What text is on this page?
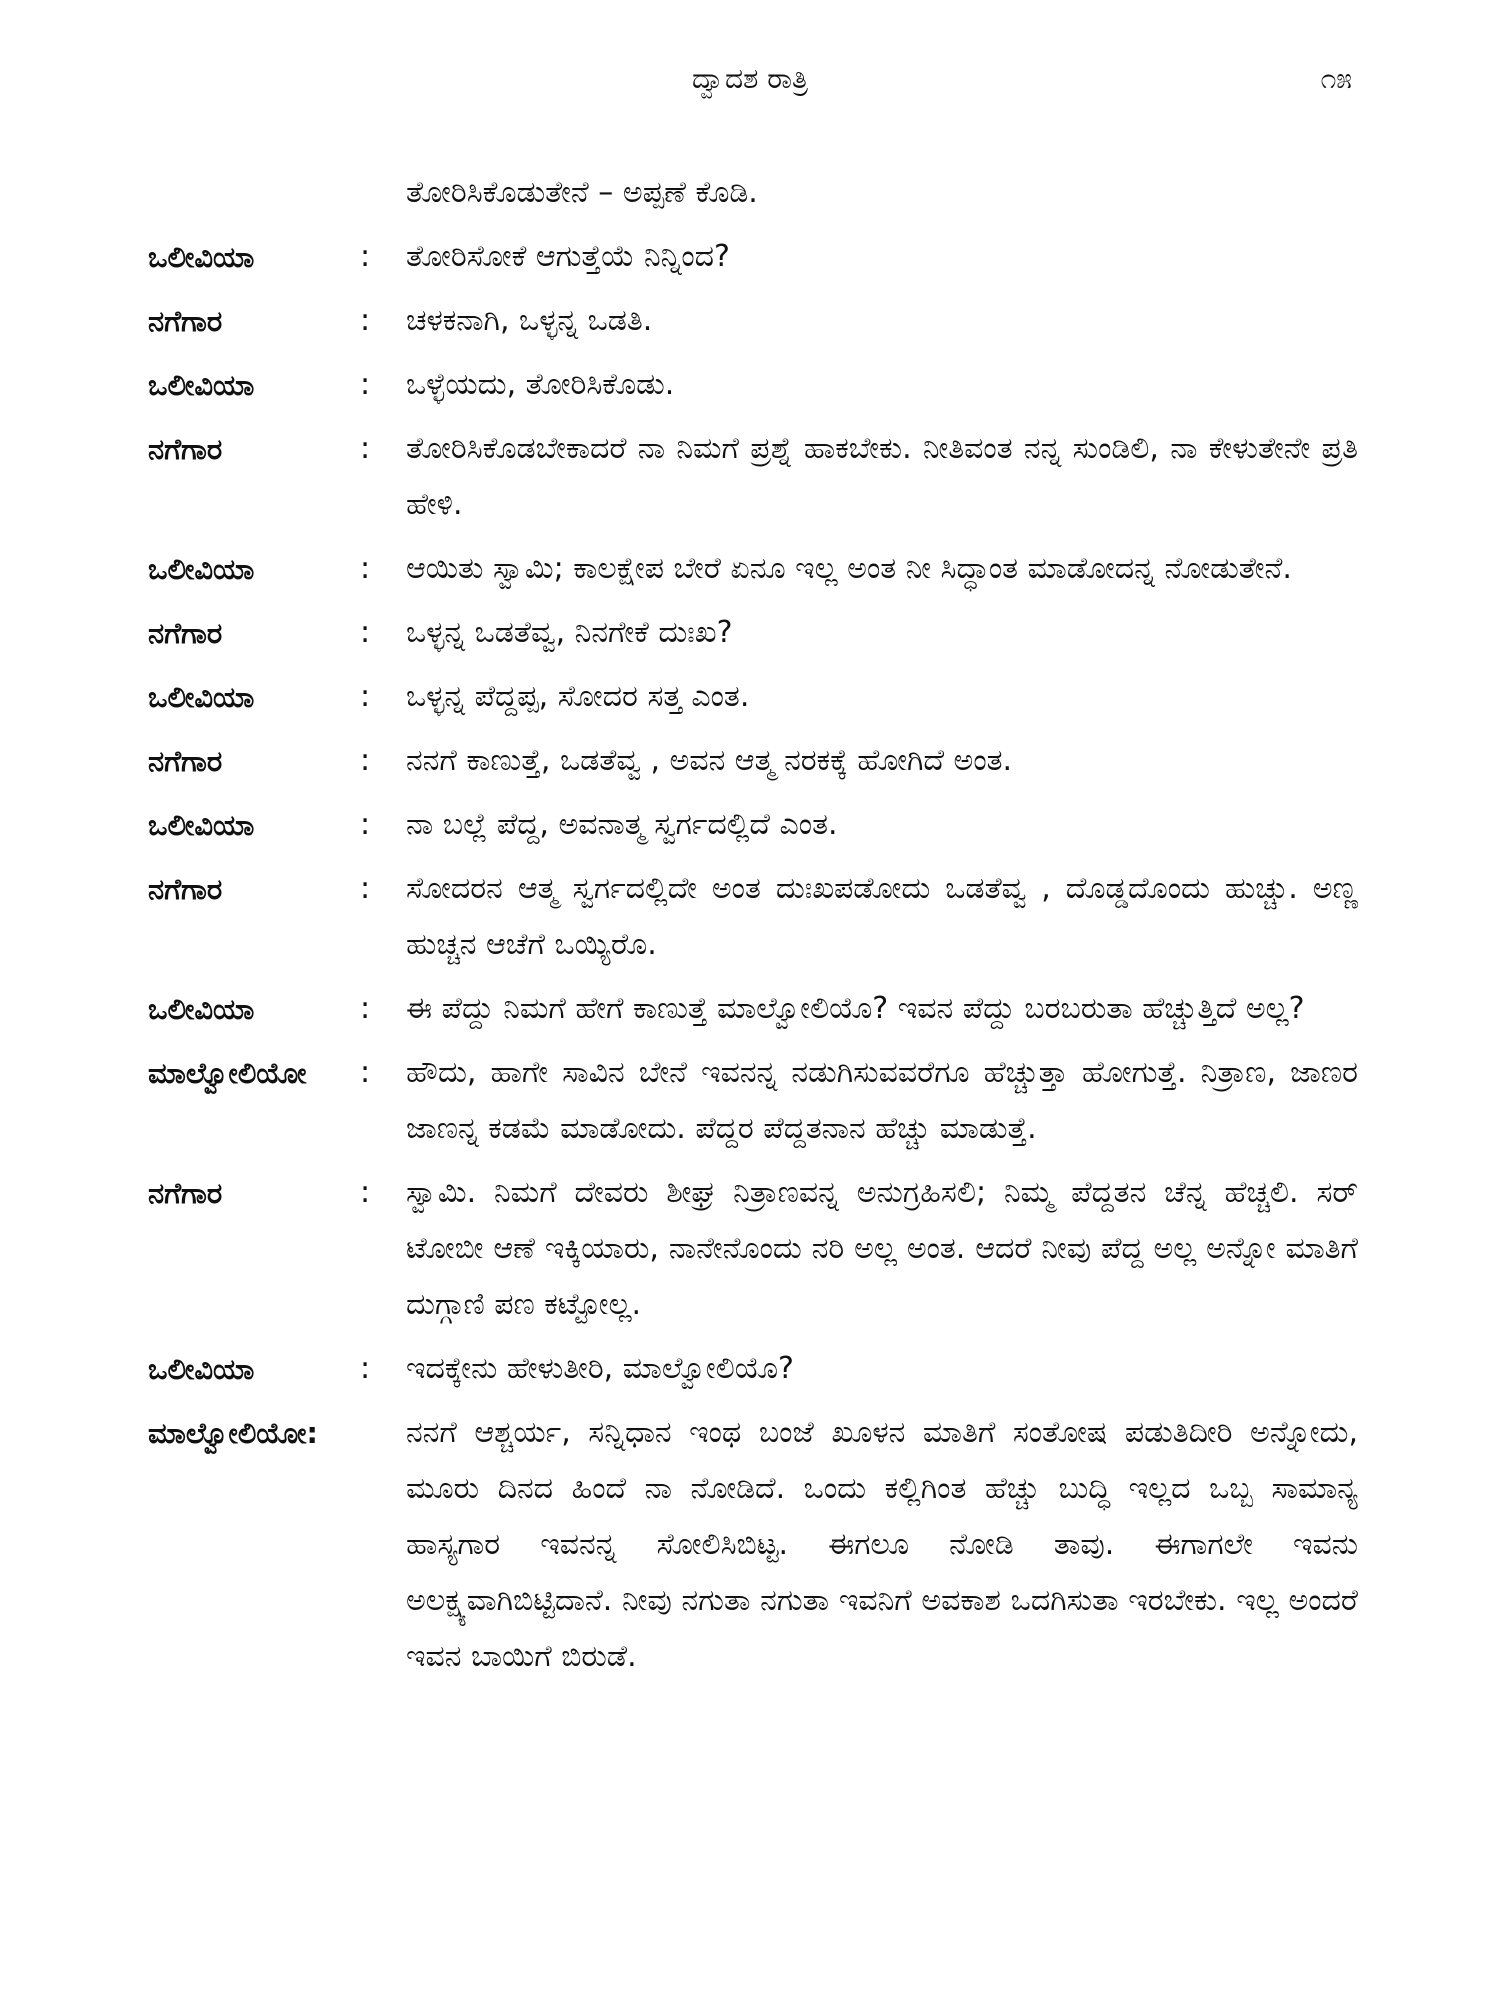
ದ್ವಾದಶ ರಾತ್ರಿ	೧೫
ತೋರಿಸಿಕೊಡುತೇನೆ – ಅಪ್ಪಣೆ ಕೊಡಿ.
ಒಲೀವಿಯಾ	:	ತೋರಿಸೋಕೆ ಆಗುತ್ತೆಯೆ ನಿನ್ನಿಂದ?
ನಗೆಗಾರ	:	ಚಳಕನಾಗಿ, ಒಳ್ಳನ್ನ ಒಡತಿ.
ಒಲೀವಿಯಾ	:	ಒಳ್ಳೆಯದು, ತೋರಿಸಿಕೊಡು.
ನಗೆಗಾರ	:	ತೋರಿಸಿಕೊಡಬೇಕಾದರೆ ನಾ ನಿಮಗೆ ಪ್ರಶ್ನೆ ಹಾಕಬೇಕು. ನೀತಿವಂತ ನನ್ನ ಸುಂಡಿಲಿ, ನಾ ಕೇಳುತೇನೇ ಪ್ರತಿ ಹೇಳಿ.
ಒಲೀವಿಯಾ	:	ಆಯಿತು ಸ್ವಾಮಿ; ಕಾಲಕ್ಷೇಪ ಬೇರೆ ಏನೂ ಇಲ್ಲ ಅಂತ ನೀ ಸಿದ್ಧಾಂತ ಮಾಡೋದನ್ನ ನೋಡುತೇನೆ.
ನಗೆಗಾರ	:	ಒಳ್ಳನ್ನ ಒಡತೆವ್ವ, ನಿನಗೇಕೆ ದುಃಖ?
ಒಲೀವಿಯಾ	:	ಒಳ್ಳನ್ನ ಪೆದ್ದಪ್ಪ, ಸೋದರ ಸತ್ತ ಎಂತ.
ನಗೆಗಾರ	:	ನನಗೆ ಕಾಣುತ್ತೆ, ಒಡತೆವ್ವ , ಅವನ ಆತ್ಮ ನರಕಕ್ಕೆ ಹೋಗಿದೆ ಅಂತ.
ಒಲೀವಿಯಾ	:	ನಾ ಬಲ್ಲೆ ಪೆದ್ದ, ಅವನಾತ್ಮ ಸ್ವರ್ಗದಲ್ಲಿದೆ ಎಂತ.
ನಗೆಗಾರ	:	ಸೋದರನ ಆತ್ಮ ಸ್ವರ್ಗದಲ್ಲಿದೇ ಅಂತ ದುಃಖಪಡೋದು ಒಡತೆವ್ವ , ದೊಡ್ಡದೊಂದು ಹುಚ್ಚು. ಅಣ್ಣ ಹುಚ್ಚನ ಆಚೆಗೆ ಒಯ್ಯಿರೊ.
ಒಲೀವಿಯಾ	:	ಈ ಪೆದ್ದು ನಿಮಗೆ ಹೇಗೆ ಕಾಣುತ್ತೆ ಮಾಲ್ವೋಲಿಯೊ? ಇವನ ಪೆದ್ದು ಬರಬರುತಾ ಹೆಚ್ಚುತ್ತಿದೆ ಅಲ್ಲ?
ಮಾಲ್ವೋಲಿಯೋ	:	ಹೌದು, ಹಾಗೇ ಸಾವಿನ ಬೇನೆ ಇವನನ್ನ ನಡುಗಿಸುವವರೆಗೂ ಹೆಚ್ಚುತ್ತಾ ಹೋಗುತ್ತೆ. ನಿತ್ರಾಣ, ಜಾಣರ ಜಾಣನ್ನ ಕಡಮೆ ಮಾಡೋದು. ಪೆದ್ದರ ಪೆದ್ದತನಾನ ಹೆಚ್ಚು ಮಾಡುತ್ತೆ.
ನಗೆಗಾರ	:	ಸ್ವಾಮಿ. ನಿಮಗೆ ದೇವರು ಶೀಘ್ರ ನಿತ್ರಾಣವನ್ನ ಅನುಗ್ರಹಿಸಲಿ; ನಿಮ್ಮ ಪೆದ್ದತನ ಚೆನ್ನ ಹೆಚ್ಚಲಿ. ಸರ್ ಟೋಬೀ ಆಣೆ ಇಕ್ಕಿಯಾರು, ನಾನೇನೊಂದು ನರಿ ಅಲ್ಲ ಅಂತ. ಆದರೆ ನೀವು ಪೆದ್ದ ಅಲ್ಲ ಅನ್ನೋ ಮಾತಿಗೆ ದುಗ್ಗಾಣಿ ಪಣ ಕಟ್ಟೋಲ್ಲ.
ಒಲೀವಿಯಾ	:	ಇದಕ್ಕೇನು ಹೇಳುತೀರಿ, ಮಾಲ್ವೋಲಿಯೊ?
ಮಾಲ್ವೋಲಿಯೋ:	ನನಗೆ ಆಶ್ಚರ್ಯ, ಸನ್ನಿಧಾನ ಇಂಥ ಬಂಜೆ ಖೂಳನ ಮಾತಿಗೆ ಸಂತೋಷ ಪಡುತಿದೀರಿ ಅನ್ನೋದು, ಮೂರು ದಿನದ ಹಿಂದೆ ನಾ ನೋಡಿದೆ. ಒಂದು ಕಲ್ಲಿಗಿಂತ ಹೆಚ್ಚು ಬುದ್ಧಿ ಇಲ್ಲದ ಒಬ್ಬ ಸಾಮಾನ್ಯ ಹಾಸ್ಯಗಾರ ಇವನನ್ನ ಸೋಲಿಸಿಬಿಟ್ಟ. ಈಗಲೂ ನೋಡಿ ತಾವು. ಈಗಾಗಲೇ ಇವನು ಅಲಕ್ಷ್ಯವಾಗಿಬಿಟ್ಟಿದಾನೆ. ನೀವು ನಗುತಾ ನಗುತಾ ಇವನಿಗೆ ಅವಕಾಶ ಒದಗಿಸುತಾ ಇರಬೇಕು. ಇಲ್ಲ ಅಂದರೆ ಇವನ ಬಾಯಿಗೆ ಬಿರುಡೆ.
